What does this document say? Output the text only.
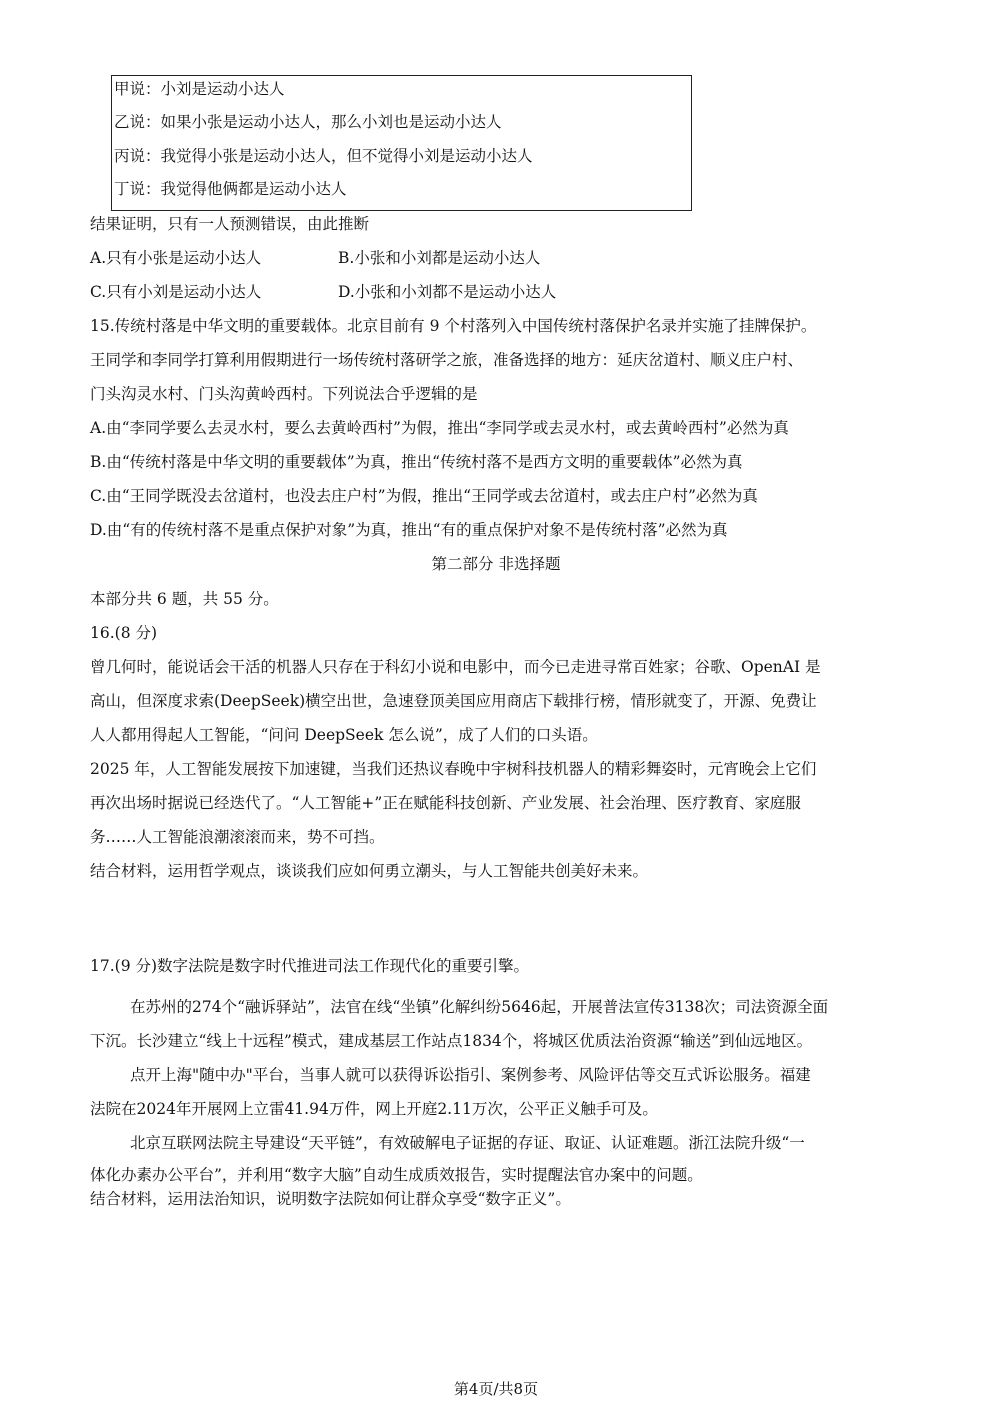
甲说：小刘是运动小达人
乙说：如果小张是运动小达人，那么小刘也是运动小达人
丙说：我觉得小张是运动小达人，但不觉得小刘是运动小达人
丁说：我觉得他俩都是运动小达人
结果证明，只有一人预测错误，由此推断
A.只有小张是运动小达人	B.小张和小刘都是运动小达人
C.只有小刘是运动小达人	D.小张和小刘都不是运动小达人
15.传统村落是中华文明的重要载体。北京目前有 9 个村落列入中国传统村落保护名录并实施了挂牌保护。
王同学和李同学打算利用假期进行一场传统村落研学之旅，准备选择的地方：延庆岔道村、顺义庄户村、
门头沟灵水村、门头沟黄岭西村。下列说法合乎逻辑的是
A.由“李同学要么去灵水村，要么去黄岭西村”为假，推出“李同学或去灵水村，或去黄岭西村”必然为真
B.由“传统村落是中华文明的重要载体”为真，推出“传统村落不是西方文明的重要载体”必然为真
C.由“王同学既没去岔道村，也没去庄户村”为假，推出“王同学或去岔道村，或去庄户村”必然为真
D.由“有的传统村落不是重点保护对象”为真，推出“有的重点保护对象不是传统村落”必然为真
第二部分 非选择题
本部分共 6 题，共 55 分。
16.(8 分)
曾几何时，能说话会干活的机器人只存在于科幻小说和电影中，而今已走进寻常百姓家；谷歌、OpenAI 是
高山，但深度求索(DeepSeek)横空出世，急速登顶美国应用商店下载排行榜，情形就变了，开源、免费让
人人都用得起人工智能，“问问 DeepSeek 怎么说”，成了人们的口头语。
2025 年，人工智能发展按下加速键，当我们还热议春晚中宇树科技机器人的精彩舞姿时，元宵晚会上它们
再次出场时据说已经迭代了。“人工智能+”正在赋能科技创新、产业发展、社会治理、医疗教育、家庭服
务……人工智能浪潮滚滚而来，势不可挡。
结合材料，运用哲学观点，谈谈我们应如何勇立潮头，与人工智能共创美好未来。
17.(9 分)数字法院是数字时代推进司法工作现代化的重要引擎。
在苏州的274个“融诉驿站”，法官在线“坐镇”化解纠纷5646起，开展普法宣传3138次；司法资源全面
下沉。长沙建立“线上十远程”模式，建成基层工作站点1834个，将城区优质法治资源“输送”到仙远地区。
点开上海"随中办"平台，当事人就可以获得诉讼指引、案例参考、风险评估等交互式诉讼服务。福建
法院在2024年开展网上立雷41.94万件，网上开庭2.11万次，公平正义触手可及。
北京互联网法院主导建设“天平链”，有效破解电子证据的存证、取证、认证难题。浙江法院升级“一
体化办素办公平台”，并利用“数字大脑”自动生成质效报告，实时提醒法官办案中的问题。
结合材料，运用法治知识，说明数字法院如何让群众享受“数字正义”。
第4页/共8页
